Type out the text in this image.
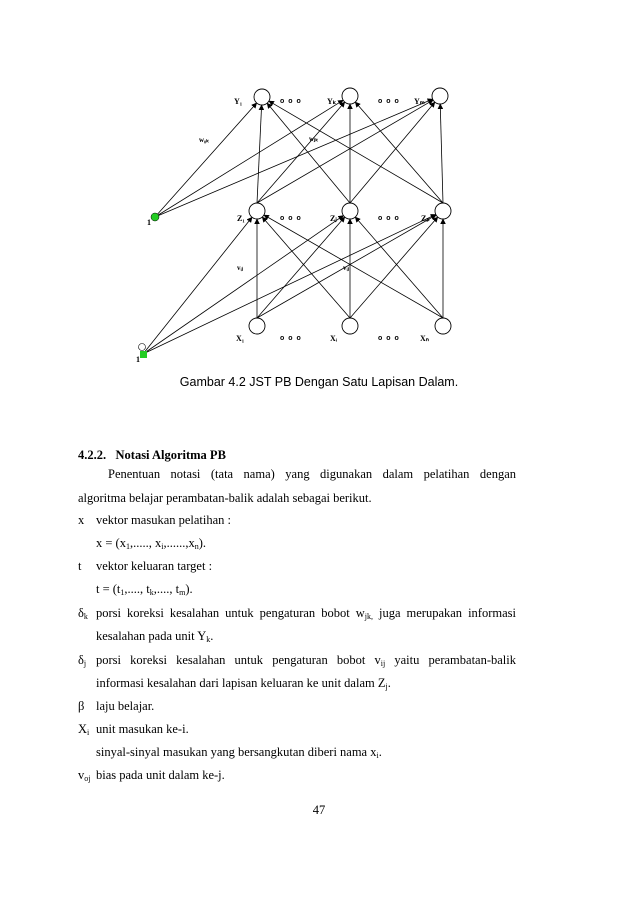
Y₁	Yₖ	Yₘ
o o o	o o o
Z₁	Zⱼ	Zₚ
o o o	o o o
X₁	Xᵢ	Xₙ
o o o	o o o
w₀ₖ	wⱼₖ
vᵢⱼ	vᵢⱼ
1
1
Gambar 4.2 JST PB Dengan Satu Lapisan Dalam.
4.2.2. Notasi Algoritma PB
Penentuan notasi (tata nama) yang digunakan dalam pelatihan dengan
algoritma belajar perambatan-balik adalah sebagai berikut.
x vektor masukan pelatihan :
$x = (x_1$,....., $x_i,......,x_n$).
t vektor keluaran target :
$t = (t_1$,...., $t_k$,...., $t_m$).
$\delta_k$ porsi koreksi kesalahan untuk pengaturan bobot $w_{jk,}$ juga merupakan informasi
kesalahan pada unit $Y_k$.
$\delta_j$ porsi koreksi kesalahan untuk pengaturan bobot $v_{ij}$ yaitu perambatan-balik
informasi kesalahan dari lapisan keluaran ke unit dalam $Z_j$.
β laju belajar.
$X_i$ unit masukan ke-i.
sinyal-sinyal masukan yang bersangkutan diberi nama $x_i$.
$v_{oj}$ bias pada unit dalam ke-j.
47
